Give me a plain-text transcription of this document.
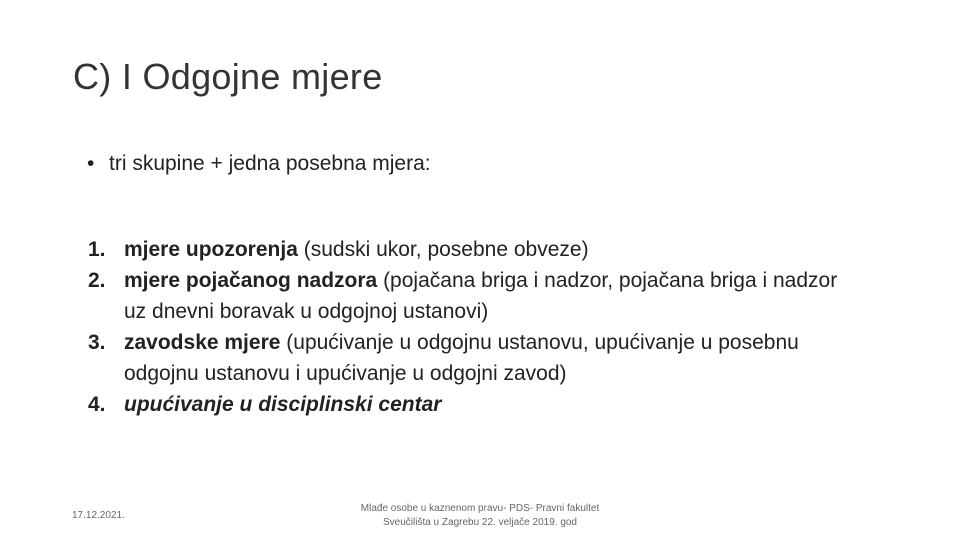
C) I Odgojne mjere
• tri skupine + jedna posebna mjera:
1. mjere upozorenja (sudski ukor, posebne obveze)
2. mjere pojačanog nadzora (pojačana briga i nadzor, pojačana briga i nadzor uz dnevni boravak u odgojnoj ustanovi)
3. zavodske mjere (upućivanje u odgojnu ustanovu, upućivanje u posebnu odgojnu ustanovu i upućivanje u odgojni zavod)
4. upućivanje u disciplinski centar
17.12.2021.
Mlađe osobe u kaznenom pravu- PDS- Pravni fakultet
Sveučilišta u Zagrebu 22. veljače 2019. god
